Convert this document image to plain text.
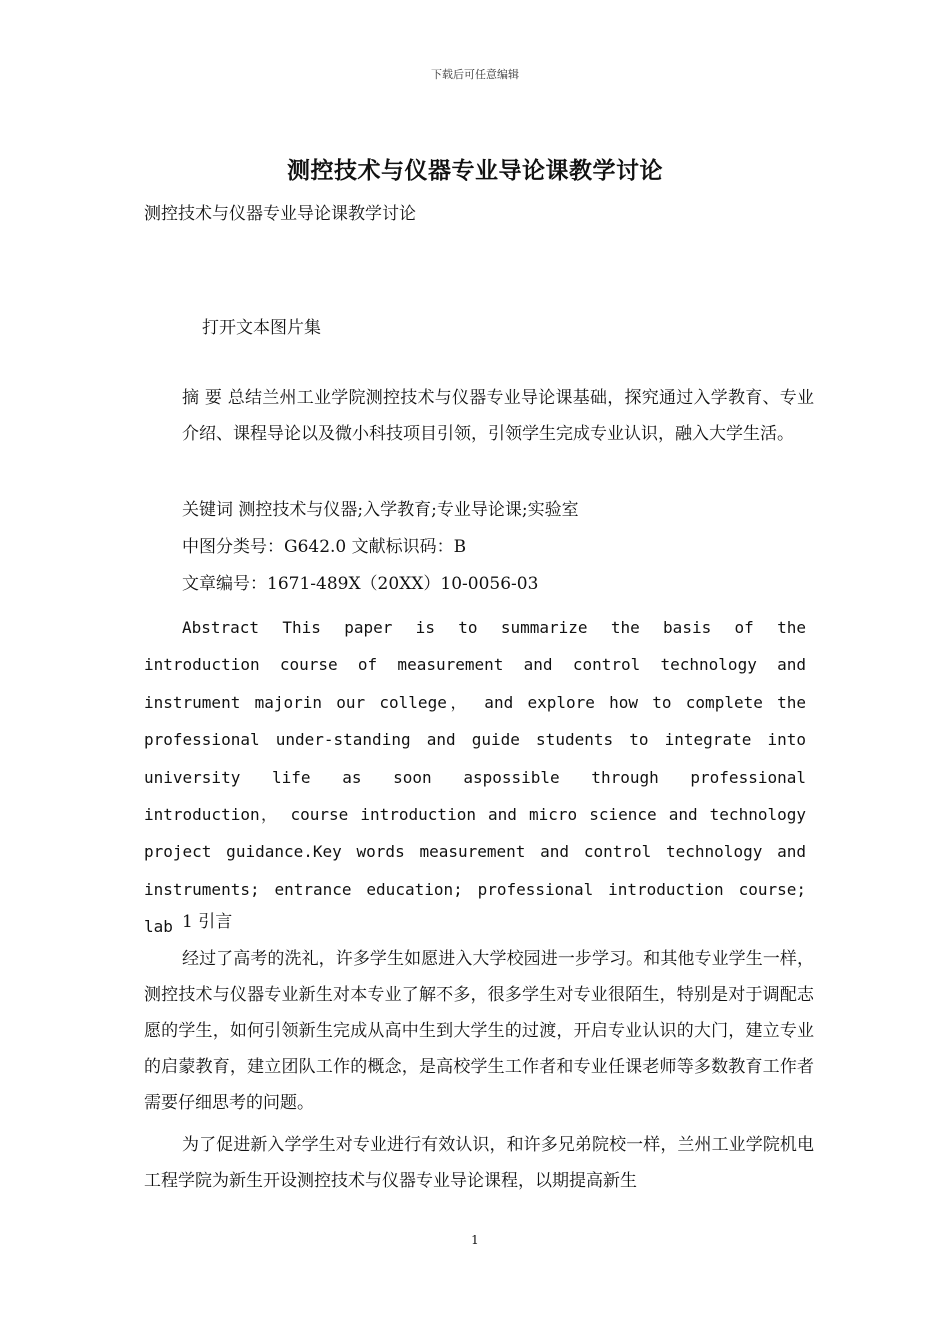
下载后可任意编辑
测控技术与仪器专业导论课教学讨论
测控技术与仪器专业导论课教学讨论
打开文本图片集
摘 要 总结兰州工业学院测控技术与仪器专业导论课基础，探究通过入学教育、专业介绍、课程导论以及微小科技项目引领，引领学生完成专业认识，融入大学生活。
关键词 测控技术与仪器;入学教育;专业导论课;实验室
中图分类号：G642.0 文献标识码：B
文章编号：1671-489X（20XX）10-0056-03
Abstract This paper is to summarize the basis of the introduction course of measurement and control technology and instrument majorin our college， and explore how to complete the professional under-standing and guide students to integrate into university life as soon aspossible through professional introduction， course introduction and micro science and technology project guidance.Key words measurement and control technology and instruments; entrance education; professional introduction course; lab 1 引言
经过了高考的洗礼，许多学生如愿进入大学校园进一步学习。和其他专业学生一样，测控技术与仪器专业新生对本专业了解不多，很多学生对专业很陌生，特别是对于调配志愿的学生，如何引领新生完成从高中生到大学生的过渡，开启专业认识的大门，建立专业的启蒙教育，建立团队工作的概念，是高校学生工作者和专业任课老师等多数教育工作者需要仔细思考的问题。
为了促进新入学学生对专业进行有效认识，和许多兄弟院校一样，兰州工业学院机电工程学院为新生开设测控技术与仪器专业导论课程，以期提高新生
1
